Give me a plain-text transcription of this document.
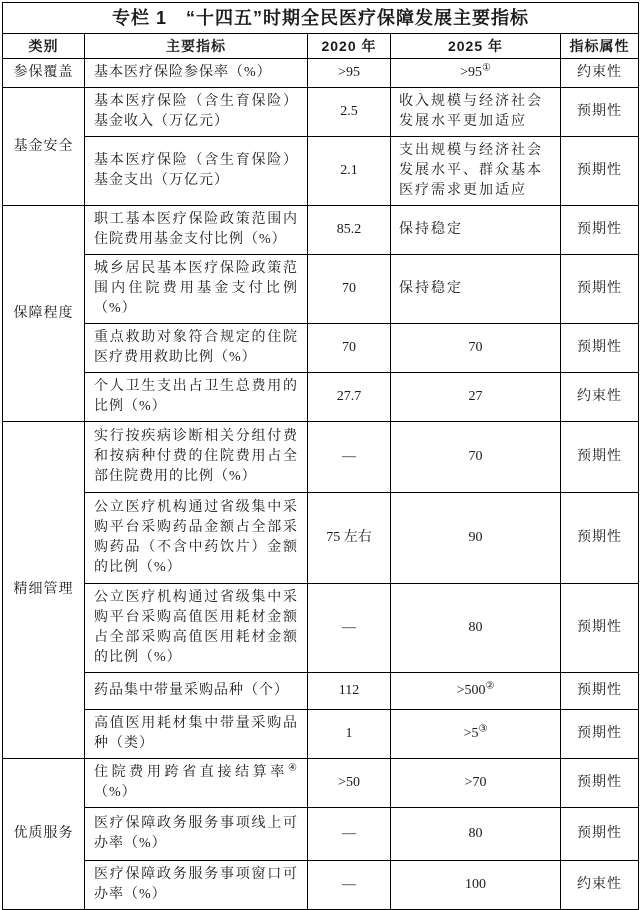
专栏 1　“十四五”时期全民医疗保障发展主要指标				
类别	主要指标	2020 年	2025 年	指标属性
参保覆盖	基本医疗保险参保率（%）	>95	>95①	约束性
基金安全	基本医疗保险（含生育保险）基金收入（万亿元）	2.5	收入规模与经济社会发展水平更加适应	预期性
	基本医疗保险（含生育保险）基金支出（万亿元）	2.1	支出规模与经济社会发展水平、群众基本医疗需求更加适应	预期性
保障程度	职工基本医疗保险政策范围内住院费用基金支付比例（%）	85.2	保持稳定	预期性
	城乡居民基本医疗保险政策范围内住院费用基金支付比例（%）	70	保持稳定	预期性
	重点救助对象符合规定的住院医疗费用救助比例（%）	70	70	预期性
	个人卫生支出占卫生总费用的比例（%）	27.7	27	约束性
精细管理	实行按疾病诊断相关分组付费和按病种付费的住院费用占全部住院费用的比例（%）	—	70	预期性
	公立医疗机构通过省级集中采购平台采购药品金额占全部采购药品（不含中药饮片）金额的比例（%）	75 左右	90	预期性
	公立医疗机构通过省级集中采购平台采购高值医用耗材金额占全部采购高值医用耗材金额的比例（%）	—	80	预期性
	药品集中带量采购品种（个）	112	>500②	预期性
	高值医用耗材集中带量采购品种（类）	1	>5③	预期性
优质服务	住院费用跨省直接结算率④（%）	>50	>70	预期性
	医疗保障政务服务事项线上可办率（%）	—	80	预期性
	医疗保障政务服务事项窗口可办率（%）	—	100	约束性
